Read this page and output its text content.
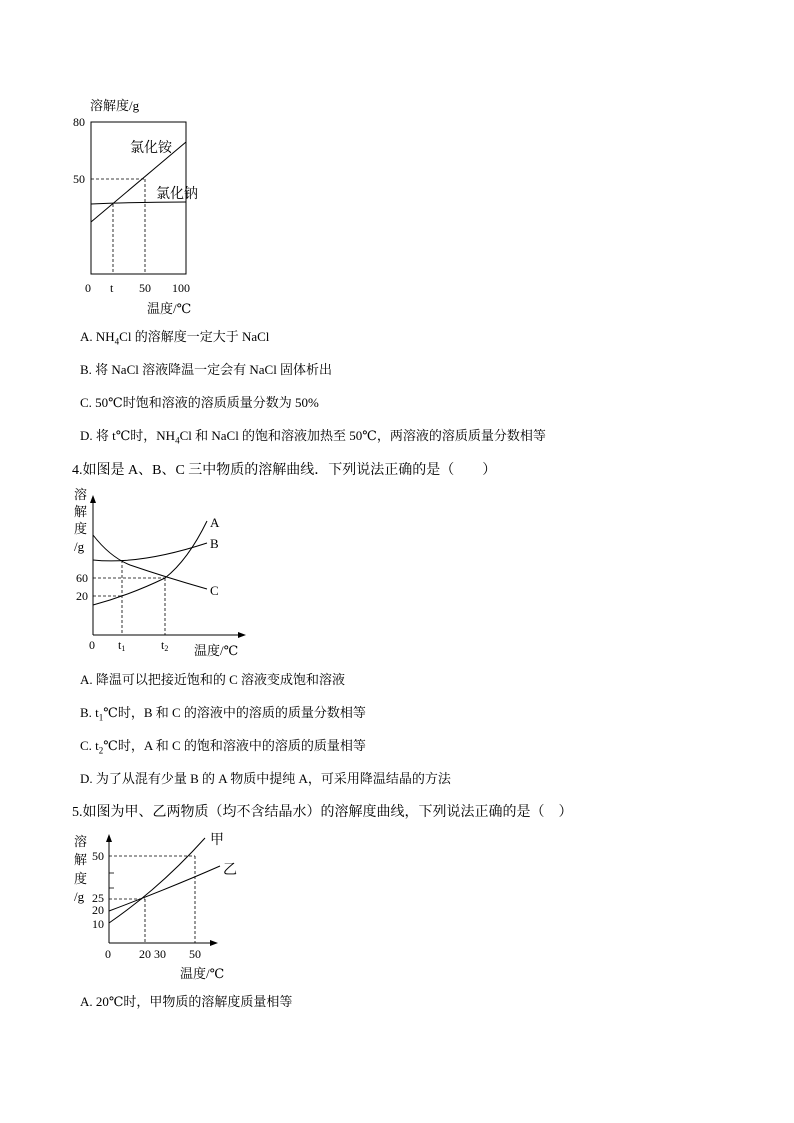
溶解度/g
80
50
氯化铵
氯化钠
0 t 50 100
温度/℃
A. $NH_4Cl$ 的溶解度一定大于 NaCl
B. 将 NaCl 溶液降温一定会有 NaCl 固体析出
C. 50℃时饱和溶液的溶质质量分数为 50%
D. 将 t℃时，$NH_4Cl$ 和 NaCl 的饱和溶液加热至 50℃，两溶液的溶质质量分数相等
4.如图是 A、B、C 三中物质的溶解曲线．下列说法正确的是（　　）
溶
解
度
/g
60
20
A
B
C
0 t1	t2 温度/℃
A. 降温可以把接近饱和的 C 溶液变成饱和溶液
B. $t_1℃$时，B 和 C 的溶液中的溶质的质量分数相等
C. $t_2℃$时，A 和 C 的饱和溶液中的溶质的质量相等
D. 为了从混有少量 B 的 A 物质中提纯 A，可采用降温结晶的方法
5.如图为甲、乙两物质（均不含结晶水）的溶解度曲线，下列说法正确的是（　）
溶
解
度
/g
50
25
20
10
甲
乙
0 20 30 50
温度/℃
A. 20℃时，甲物质的溶解度质量相等
